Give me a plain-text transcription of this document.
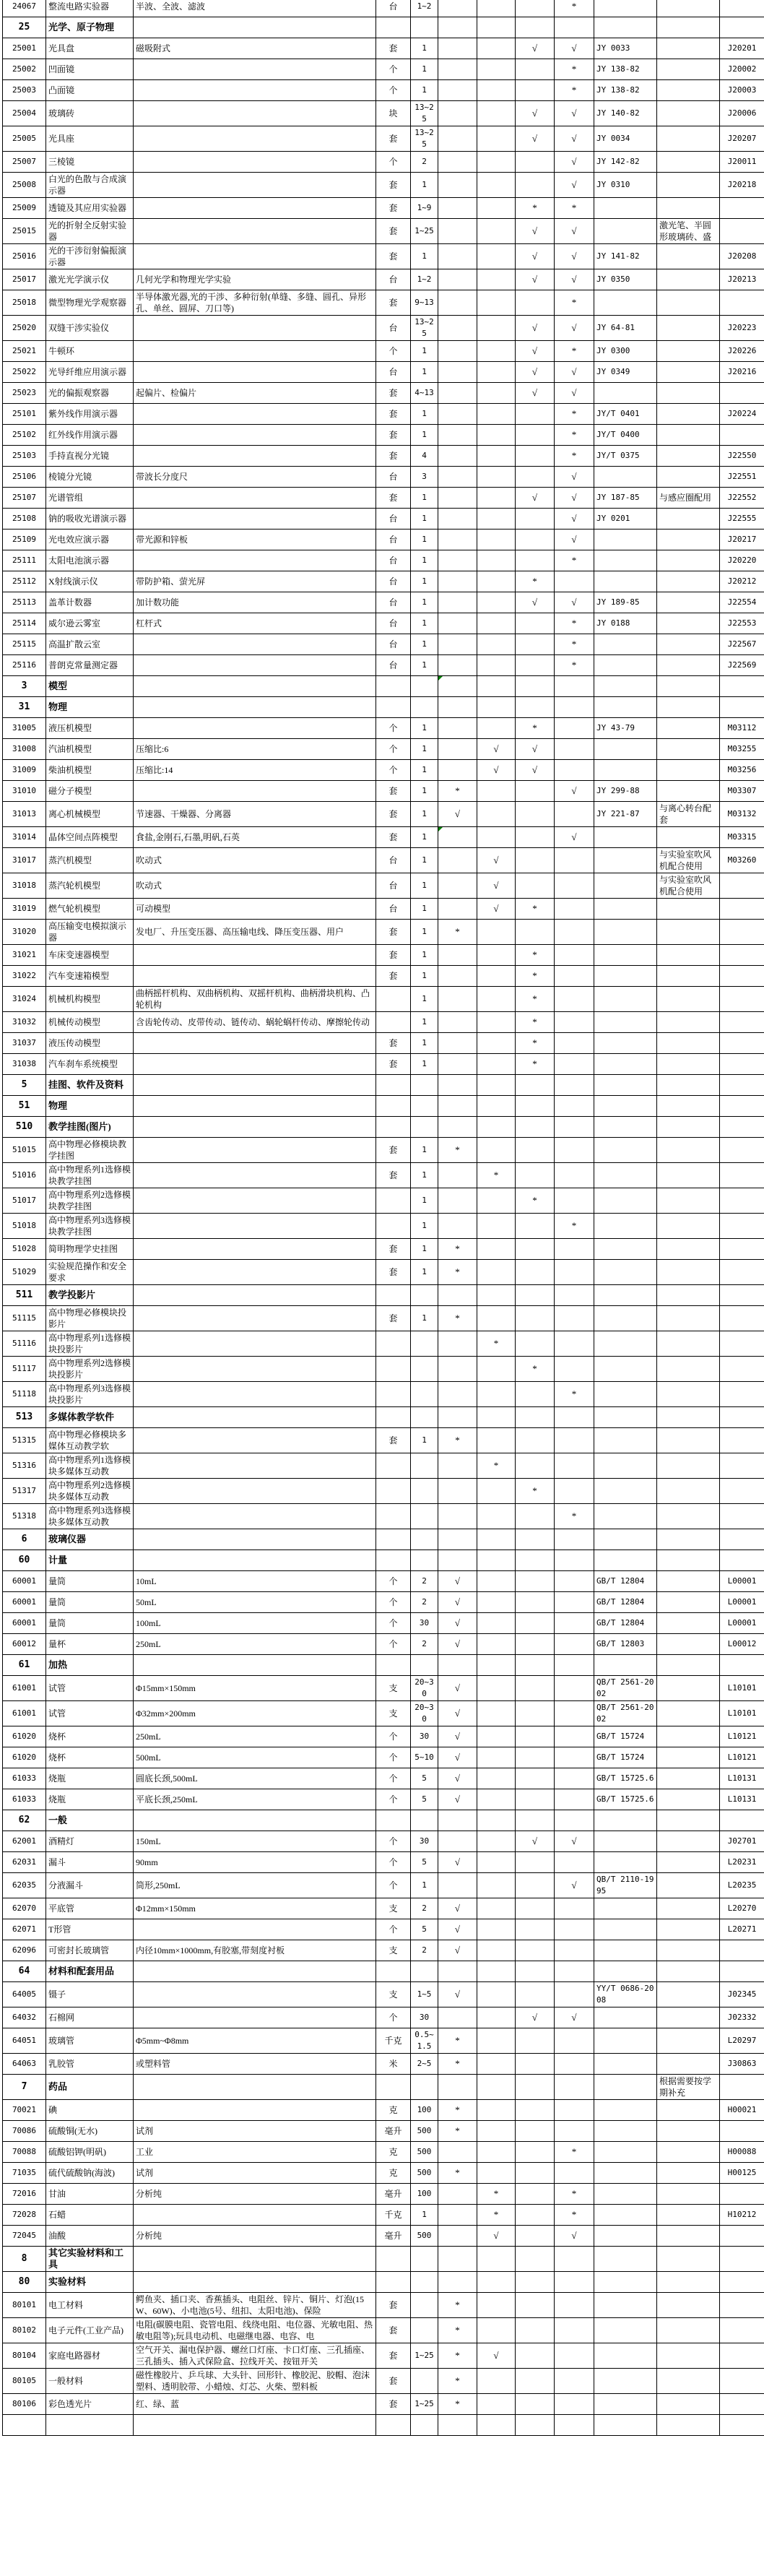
24067	整流电路实验器	半波、全波、滤波	台	1~2				*			
25	光学、原子物理										
25001	光具盘	磁吸附式	套	1			√	√	JY 0033		J20201
25002	凹面镜		个	1				*	JY 138-82		J20002
25003	凸面镜		个	1				*	JY 138-82		J20003
25004	玻璃砖		块	13~25			√	√	JY 140-82		J20006
25005	光具座		套	13~25			√	√	JY 0034		J20207
25007	三棱镜		个	2				√	JY 142-82		J20011
25008	白光的色散与合成演示器		套	1				√	JY 0310		J20218
25009	透镜及其应用实验器		套	1~9			*	*			
25015	光的折射全反射实验器		套	1~25			√	√		激光笔、半圆形玻璃砖、盛	
25016	光的干涉衍射偏振演示器		套	1			√	√	JY 141-82		J20208
25017	激光光学演示仪	几何光学和物理光学实验	台	1~2			√	√	JY 0350		J20213
25018	微型物理光学观察器	半导体激光器,光的干涉、多种衍射(单缝、多缝、圆孔、异形孔、单丝、圆屏、刀口等)	套	9~13				*			
25020	双缝干涉实验仪		台	13~25			√	√	JY 64-81		J20223
25021	牛顿环		个	1			√	*	JY 0300		J20226
25022	光导纤维应用演示器		台	1			√	√	JY 0349		J20216
25023	光的偏振观察器	起偏片、检偏片	套	4~13			√	√			
25101	紫外线作用演示器		套	1				*	JY/T 0401		J20224
25102	红外线作用演示器		套	1				*	JY/T 0400		
25103	手持直视分光镜		套	4				*	JY/T 0375		J22550
25106	棱镜分光镜	带波长分度尺	台	3				√			J22551
25107	光谱管组		套	1			√	√	JY 187-85	与感应圈配用	J22552
25108	钠的吸收光谱演示器		台	1				√	JY 0201		J22555
25109	光电效应演示器	带光源和锌板	台	1				√			J20217
25111	太阳电池演示器		台	1				*			J20220
25112	X射线演示仪	带防护箱、萤光屏	台	1			*				J20212
25113	盖革计数器	加计数功能	台	1			√	√	JY 189-85		J22554
25114	威尔逊云雾室	杠杆式	台	1				*	JY 0188		J22553
25115	高温扩散云室		台	1				*			J22567
25116	普朗克常量测定器		台	1				*			J22569
3	模型				

31	物理										
31005	液压机模型		个	1			*		JY 43-79		M03112
31008	汽油机模型	压缩比:6	个	1		√	√				M03255
31009	柴油机模型	压缩比:14	个	1		√	√				M03256
31010	磁分子模型		套	1	*			√	JY 299-88		M03307
31013	离心机械模型	节速器、干燥器、分离器	套	1	√				JY 221-87	与离心转台配套	M03132
31014	晶体空间点阵模型	食盐,金刚石,石墨,明矾,石英	套	1				√			M03315
31017	蒸汽机模型	吹动式	台	1		√				与实验室吹风机配合使用	M03260
31018	蒸汽轮机模型	吹动式	台	1		√				与实验室吹风机配合使用	
31019	燃气轮机模型	可动模型	台	1		√	*				
31020	高压输变电模拟演示器	发电厂、升压变压器、高压输电线、降压变压器、用户	套	1	*						
31021	车床变速器模型		套	1			*				
31022	汽车变速箱模型		套	1			*				
31024	机械机构模型	曲柄摇杆机构、双曲柄机构、双摇杆机构、曲柄滑块机构、凸轮机构		1			*				
31032	机械传动模型	含齿轮传动、皮带传动、链传动、蜗轮蜗杆传动、摩擦轮传动		1			*				
31037	液压传动模型		套	1			*				
31038	汽车刹车系统模型		套	1			*				
5	挂图、软件及资料										
51	物理										
510	教学挂图(图片)										
51015	高中物理必修模块教学挂图		套	1	*						
51016	高中物理系列1选修模块教学挂图		套	1		*					
51017	高中物理系列2选修模块教学挂图			1			*				
51018	高中物理系列3选修模块教学挂图			1				*			
51028	简明物理学史挂图		套	1	*						
51029	实验规范操作和安全要求		套	1	*						
511	教学投影片										
51115	高中物理必修模块投影片		套	1	*						
51116	高中物理系列1选修模块投影片					*					
51117	高中物理系列2选修模块投影片						*				
51118	高中物理系列3选修模块投影片							*			
513	多媒体教学软件										
51315	高中物理必修模块多媒体互动教学软		套	1	*						
51316	高中物理系列1选修模块多媒体互动教					*					
51317	高中物理系列2选修模块多媒体互动教						*				
51318	高中物理系列3选修模块多媒体互动教							*			
6	玻璃仪器										
60	计量										
60001	量筒	10mL	个	2	√				GB/T 12804		L00001
60001	量筒	50mL	个	2	√				GB/T 12804		L00001
60001	量筒	100mL	个	30	√				GB/T 12804		L00001
60012	量杯	250mL	个	2	√				GB/T 12803		L00012
61	加热										
61001	试管	Φ15mm×150mm	支	20~30	√				QB/T 2561-2002		L10101
61001	试管	Φ32mm×200mm	支	20~30	√				QB/T 2561-2002		L10101
61020	烧杯	250mL	个	30	√				GB/T 15724		L10121
61020	烧杯	500mL	个	5~10	√				GB/T 15724		L10121
61033	烧瓶	圆底长颈,500mL	个	5	√				GB/T 15725.6		L10131
61033	烧瓶	平底长颈,250mL	个	5	√				GB/T 15725.6		L10131
62	一般										
62001	酒精灯	150mL	个	30			√	√			J02701
62031	漏斗	90mm	个	5	√						L20231
62035	分液漏斗	筒形,250mL	个	1				√	QB/T 2110-1995		L20235
62070	平底管	Φ12mm×150mm	支	2	√						L20270
62071	T形管		个	5	√						L20271
62096	可密封长玻璃管	内径10mm×1000mm,有胶塞,带刻度衬板	支	2	√						
64	材料和配套用品										
64005	镊子		支	1~5	√				YY/T 0686-2008		J02345
64032	石棉网		个	30			√	√			J02332
64051	玻璃管	Φ5mm~Φ8mm	千克	0.5~1.5	*						L20297
64063	乳胶管	或塑料管	米	2~5	*						J30863
7	药品									根据需要按学期补充	
70021	碘		克	100	*						H00021
70086	硫酸铜(无水)	试剂	毫升	500	*						
70088	硫酸铝钾(明矾)	工业	克	500				*			H00088
71035	硫代硫酸钠(海波)	试剂	克	500	*						H00125
72016	甘油	分析纯	毫升	100		*		*			
72028	石蜡		千克	1		*		*			H10212
72045	油酸	分析纯	毫升	500		√		√			
8	其它实验材料和工具										
80	实验材料										
80101	电工材料	鳄鱼夹、插口夹、香蕉插头、电阻丝、锌片、铜片、灯泡(15W、60W)、小电池(5号、纽扣、太阳电池)、保险	套		*						
80102	电子元件(工业产品)	电阻(碳膜电阻、瓷管电阻、线绕电阻、电位器、光敏电阻、热敏电阻等);玩具电动机、电磁继电器、电容、电	套		*						
80104	家庭电路器材	空气开关、漏电保护器、螺丝口灯座、卡口灯座、三孔插座、三孔插头、插入式保险盒、拉线开关、按钮开关	套	1~25	*	√					
80105	一般材料	磁性橡胶片、乒乓球、大头针、回形针、橡胶泥、胶帽、泡沫塑料、透明胶带、小蜡烛、灯芯、火柴、塑料板	套		*						
80106	彩色透光片	红、绿、蓝	套	1~25	*						
